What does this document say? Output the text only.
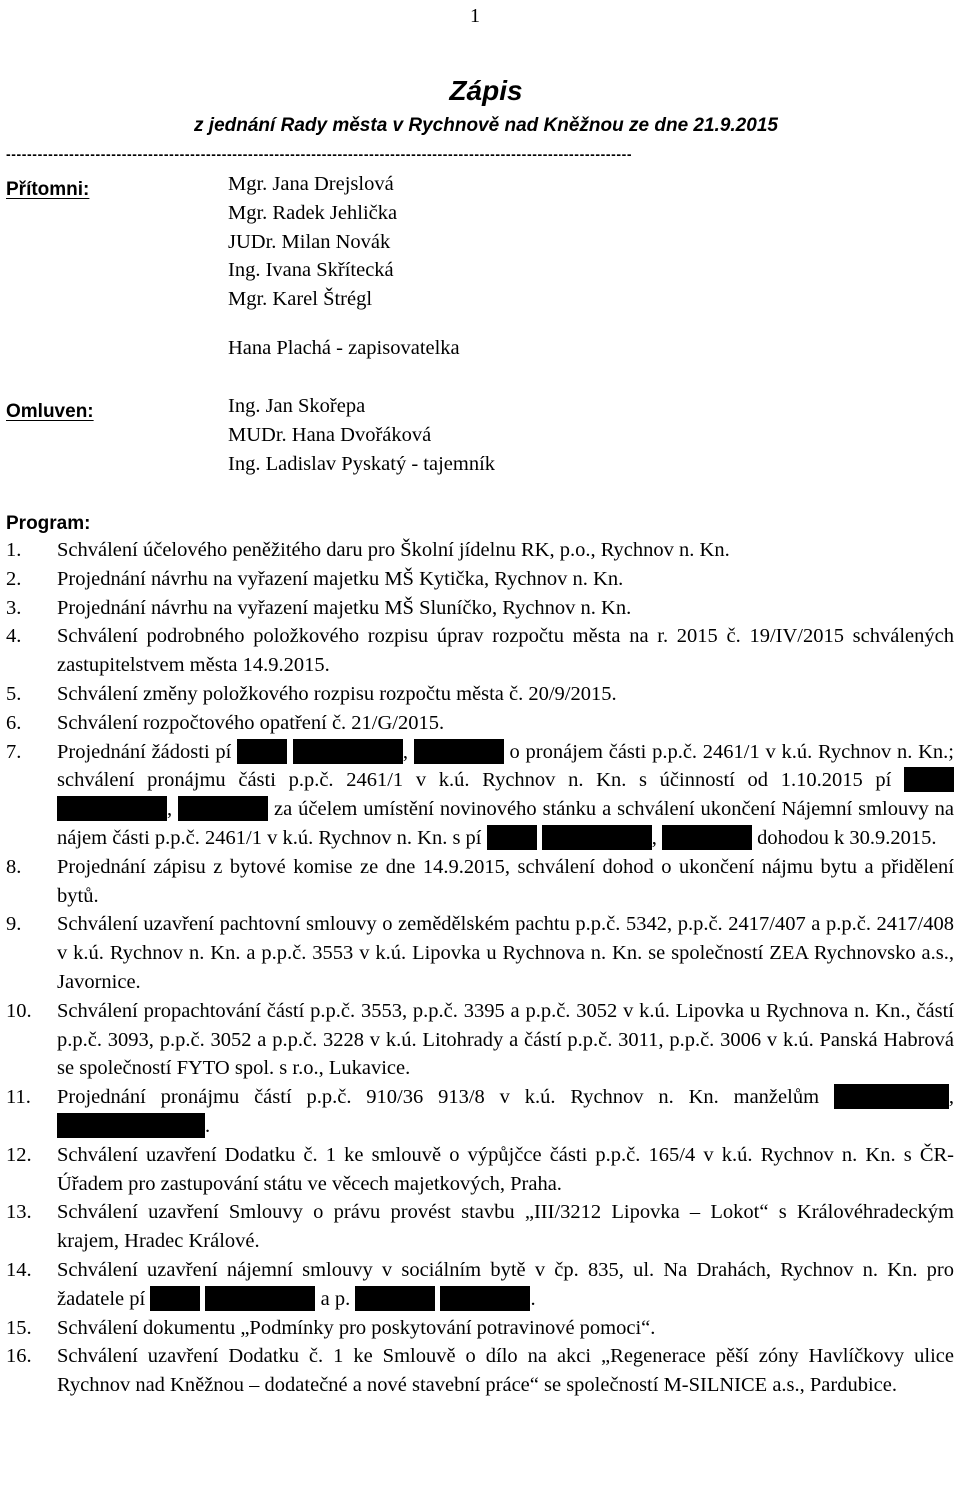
1
Zápis
z jednání Rady města v Rychnově nad Kněžnou ze dne 21.9.2015
-----------------------------------------------------------------------------------------------------------------------
Přítomni:	Mgr. Jana Drejslová
Mgr. Radek Jehlička
JUDr. Milan Novák
Ing. Ivana Skřítecká
Mgr. Karel Štrégl
Hana Plachá - zapisovatelka
Omluven:	Ing. Jan Skořepa
MUDr. Hana Dvořáková
Ing. Ladislav Pyskatý - tajemník
Program:
1.	Schválení účelového peněžitého daru pro Školní jídelnu RK, p.o., Rychnov n. Kn.
2.	Projednání návrhu na vyřazení majetku MŠ Kytička, Rychnov n. Kn.
3.	Projednání návrhu na vyřazení majetku MŠ Sluníčko, Rychnov n. Kn.
4.	Schválení podrobného položkového rozpisu úprav rozpočtu města na r. 2015 č. 19/IV/2015 schválených zastupitelstvem města 14.9.2015.
5.	Schválení změny položkového rozpisu rozpočtu města č. 20/9/2015.
6.	Schválení rozpočtového opatření č. 21/G/2015.
7.	Projednání žádosti pí	,	o pronájem části p.p.č. 2461/1 v k.ú. Rychnov n. Kn.; schválení pronájmu části p.p.č. 2461/1 v k.ú. Rychnov n. Kn. s účinností od 1.10.2015 pí  ,	za účelem umístění novinového stánku a schválení ukončení Nájemní smlouvy na nájem části p.p.č. 2461/1 v k.ú. Rychnov n. Kn. s pí	,	dohodou k 30.9.2015.
8.	Projednání zápisu z bytové komise ze dne 14.9.2015, schválení dohod o ukončení nájmu bytu a přidělení bytů.
9.	Schválení uzavření pachtovní smlouvy o zemědělském pachtu p.p.č. 5342, p.p.č. 2417/407 a p.p.č. 2417/408 v k.ú. Rychnov n. Kn. a p.p.č. 3553 v k.ú. Lipovka u Rychnova n. Kn. se společností ZEA Rychnovsko a.s., Javornice.
10.	Schválení propachtování částí p.p.č. 3553, p.p.č. 3395 a p.p.č. 3052 v k.ú. Lipovka u Rychnova n. Kn., částí p.p.č. 3093, p.p.č. 3052 a p.p.č. 3228 v k.ú. Litohrady a částí p.p.č. 3011, p.p.č. 3006 v k.ú. Panská Habrová se společností FYTO spol. s r.o., Lukavice.
11.	Projednání pronájmu částí p.p.č. 910/36 913/8 v k.ú. Rychnov n. Kn. manželům	, .
12.	Schválení uzavření Dodatku č. 1 ke smlouvě o výpůjčce části p.p.č. 165/4 v k.ú. Rychnov n. Kn. s ČR-Úřadem pro zastupování státu ve věcech majetkových, Praha.
13.	Schválení uzavření Smlouvy o právu provést stavbu „III/3212 Lipovka – Lokot“ s Královéhradeckým krajem, Hradec Králové.
14.	Schválení uzavření nájemní smlouvy v sociálním bytě v čp. 835, ul. Na Drahách, Rychnov n. Kn. pro žadatele pí	a p.	.
15.	Schválení dokumentu „Podmínky pro poskytování potravinové pomoci“.
16.	Schválení uzavření Dodatku č. 1 ke Smlouvě o dílo na akci „Regenerace pěší zóny Havlíčkovy ulice Rychnov nad Kněžnou – dodatečné a nové stavební práce“ se společností M-SILNICE a.s., Pardubice.
